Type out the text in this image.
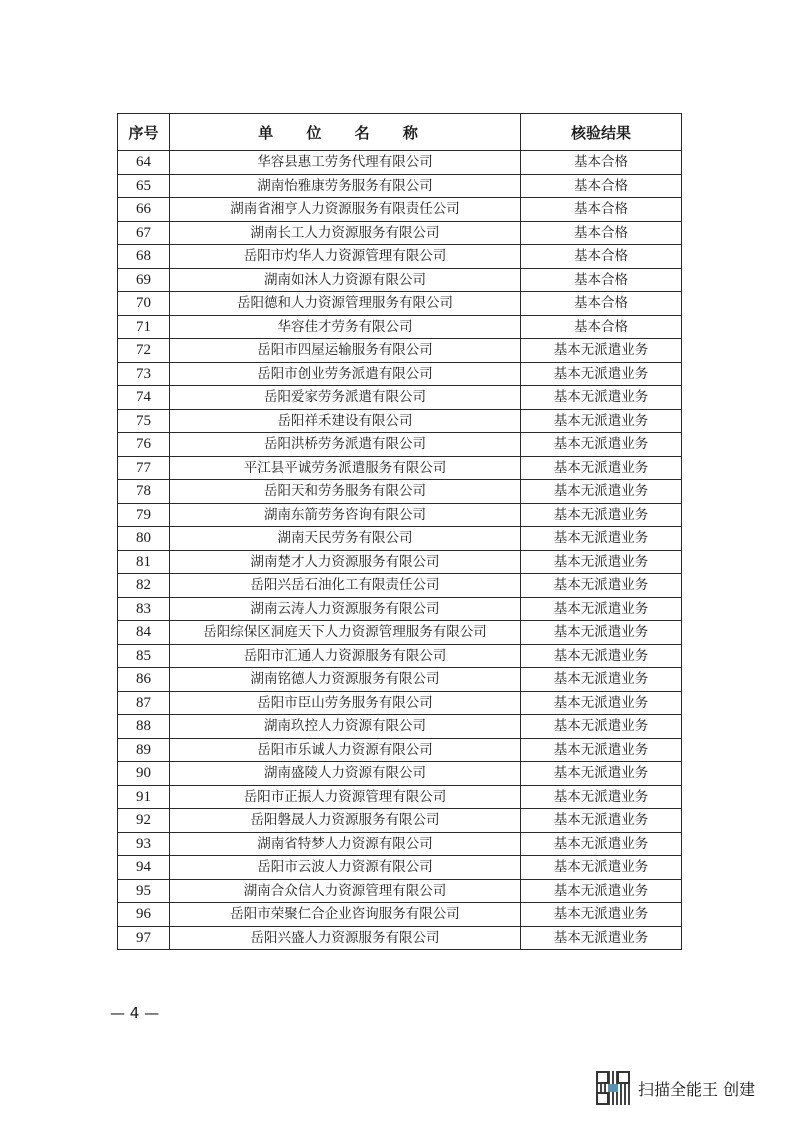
序号	单 位 名 称	核验结果
64	华容县惠工劳务代理有限公司	基本合格
65	湖南怡雅康劳务服务有限公司	基本合格
66	湖南省湘亨人力资源服务有限责任公司	基本合格
67	湖南长工人力资源服务有限公司	基本合格
68	岳阳市灼华人力资源管理有限公司	基本合格
69	湖南如沐人力资源有限公司	基本合格
70	岳阳德和人力资源管理服务有限公司	基本合格
71	华容佳才劳务有限公司	基本合格
72	岳阳市四屋运输服务有限公司	基本无派遣业务
73	岳阳市创业劳务派遣有限公司	基本无派遣业务
74	岳阳爱家劳务派遣有限公司	基本无派遣业务
75	岳阳祥禾建设有限公司	基本无派遣业务
76	岳阳洪桥劳务派遣有限公司	基本无派遣业务
77	平江县平诚劳务派遣服务有限公司	基本无派遣业务
78	岳阳天和劳务服务有限公司	基本无派遣业务
79	湖南东箭劳务咨询有限公司	基本无派遣业务
80	湖南天民劳务有限公司	基本无派遣业务
81	湖南楚才人力资源服务有限公司	基本无派遣业务
82	岳阳兴岳石油化工有限责任公司	基本无派遣业务
83	湖南云涛人力资源服务有限公司	基本无派遣业务
84	岳阳综保区洞庭天下人力资源管理服务有限公司	基本无派遣业务
85	岳阳市汇通人力资源服务有限公司	基本无派遣业务
86	湖南铭德人力资源服务有限公司	基本无派遣业务
87	岳阳市臣山劳务服务有限公司	基本无派遣业务
88	湖南玖控人力资源有限公司	基本无派遣业务
89	岳阳市乐诚人力资源有限公司	基本无派遣业务
90	湖南盛陵人力资源有限公司	基本无派遣业务
91	岳阳市正振人力资源管理有限公司	基本无派遣业务
92	岳阳磐晟人力资源服务有限公司	基本无派遣业务
93	湖南省特梦人力资源有限公司	基本无派遣业务
94	岳阳市云波人力资源有限公司	基本无派遣业务
95	湖南合众信人力资源管理有限公司	基本无派遣业务
96	岳阳市荣聚仁合企业咨询服务有限公司	基本无派遣业务
97	岳阳兴盛人力资源服务有限公司	基本无派遣业务
— 4 —
扫描全能王 创建
